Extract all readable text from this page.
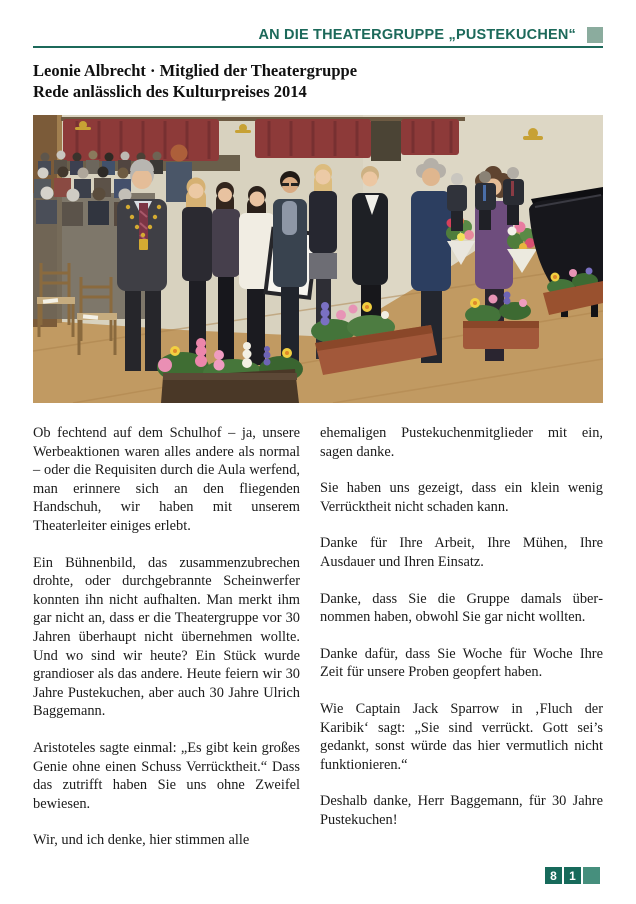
AN DIE THEATERGRUPPE „PUSTEKUCHEN“
Leonie Albrecht · Mitglied der Theatergruppe
Rede anlässlich des Kulturpreises 2014

Ob fechtend auf dem Schulhof – ja, unsere Werbeaktionen waren alles andere als normal – oder die Requisiten durch die Aula werfend, man erinnere sich an den fliegenden Handschuh, wir haben mit unserem Theaterleiter einiges erlebt.

Ein Bühnenbild, das zusammenzubrechen drohte, oder durchgebrannte Scheinwerfer konnten ihn nicht aufhalten. Man merkt ihm gar nicht an, dass er die Theatergruppe vor 30 Jahren überhaupt nicht übernehmen wollte. Und wo sind wir heute? Ein Stück wurde grandioser als das andere. Heute feiern wir 30 Jahre Pustekuchen, aber auch 30 Jahre Ulrich Baggemann.

Aristoteles sagte einmal: „Es gibt kein großes Genie ohne einen Schuss Verrücktheit.“ Dass das zutrifft haben Sie uns ohne Zweifel bewiesen.

Wir, und ich denke, hier stimmen alle

ehemaligen Pustekuchenmitglieder mit ein, sagen danke.

Sie haben uns gezeigt, dass ein klein wenig Verrücktheit nicht schaden kann.

Danke für Ihre Arbeit, Ihre Mühen, Ihre Ausdauer und Ihren Einsatz.

Danke, dass Sie die Gruppe damals übernommen haben, obwohl Sie gar nicht wollten.

Danke dafür, dass Sie Woche für Woche Ihre Zeit für unsere Proben geopfert haben.

Wie Captain Jack Sparrow in ‚Fluch der Karibik‘ sagt: „Sie sind verrückt. Gott sei’s gedankt, sonst würde das hier vermutlich nicht funktionieren.“

Deshalb danke, Herr Baggemann, für 30 Jahre Pustekuchen!

8	1
